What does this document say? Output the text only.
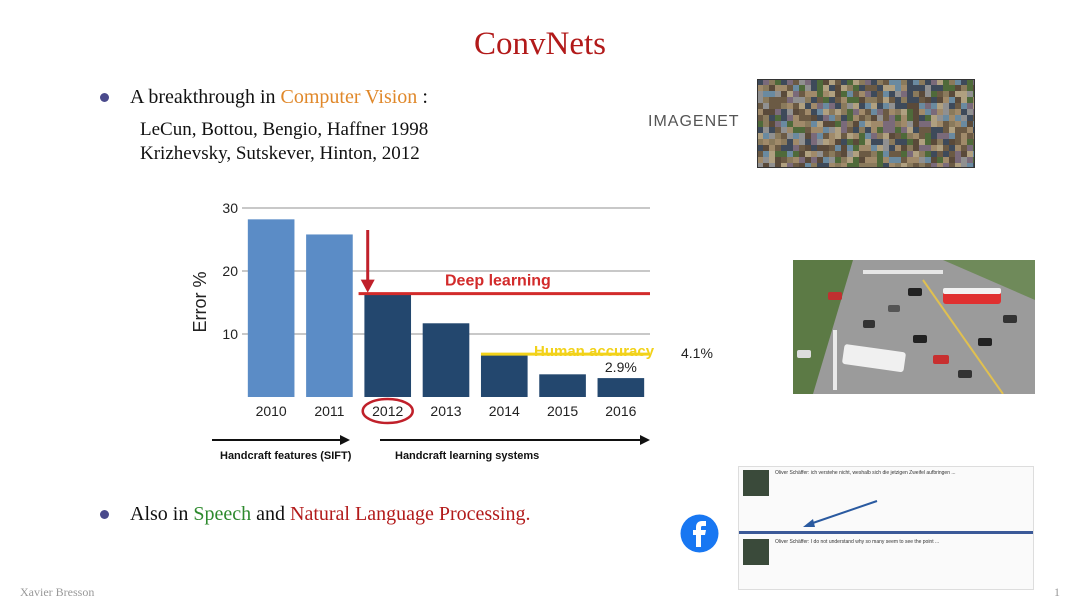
ConvNets
A breakthrough in Computer Vision :
LeCun, Bottou, Bengio, Haffner 1998
Krizhevsky, Sutskever, Hinton, 2012
IMAGENET
10
20
30
Error %
2010 2011 2012 2013 2014 2015 2016
Deep learning
Human accuracy 4.1%
2.9%
Handcraft features (SIFT)	Handcraft learning systems
Also in Speech and Natural Language Processing.
Oliver Schäffer: ich verstehe nicht, weshalb sich die jetzigen Zweifel aufbringen ...
Oliver Schäffer: I do not understand why so many seem to see the point ...
Xavier Bresson	1
